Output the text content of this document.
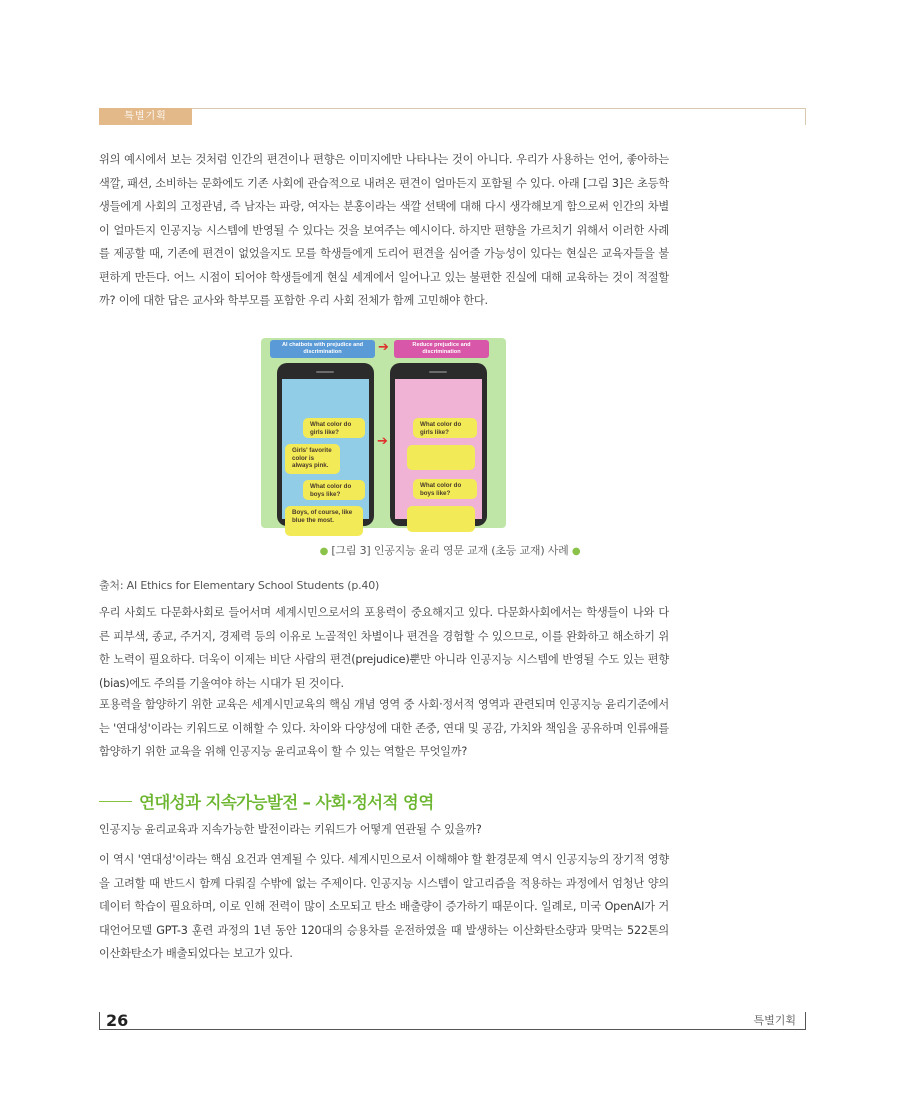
특별기획

위의 예시에서 보는 것처럼 인간의 편견이나 편향은 이미지에만 나타나는 것이 아니다. 우리가 사용하는 언어, 좋아하는 색깔, 패션, 소비하는 문화에도 기존 사회에 관습적으로 내려온 편견이 얼마든지 포함될 수 있다. 아래 [그림 3]은 초등학생들에게 사회의 고정관념, 즉 남자는 파랑, 여자는 분홍이라는 색깔 선택에 대해 다시 생각해보게 함으로써 인간의 차별이 얼마든지 인공지능 시스템에 반영될 수 있다는 것을 보여주는 예시이다. 하지만 편향을 가르치기 위해서 이러한 사례를 제공할 때, 기존에 편견이 없었을지도 모를 학생들에게 도리어 편견을 심어줄 가능성이 있다는 현실은 교육자들을 불편하게 만든다. 어느 시점이 되어야 학생들에게 현실 세계에서 일어나고 있는 불편한 진실에 대해 교육하는 것이 적절할까? 이에 대한 답은 교사와 학부모를 포함한 우리 사회 전체가 함께 고민해야 한다.

AI chatbots with prejudice and discrimination	➔	Reduce prejudice and discrimination
What color do girls like?
Girls' favorite color is always pink.
What color do boys like?
Boys, of course, like blue the most.
➔
What color do girls like?
What color do boys like?
● [그림 3] 인공지능 윤리 영문 교재 (초등 교재) 사례 ●
출처: AI Ethics for Elementary School Students (p.40)

우리 사회도 다문화사회로 들어서며 세계시민으로서의 포용력이 중요해지고 있다. 다문화사회에서는 학생들이 나와 다른 피부색, 종교, 주거지, 경제력 등의 이유로 노골적인 차별이나 편견을 경험할 수 있으므로, 이를 완화하고 해소하기 위한 노력이 필요하다. 더욱이 이제는 비단 사람의 편견(prejudice)뿐만 아니라 인공지능 시스템에 반영될 수도 있는 편향(bias)에도 주의를 기울여야 하는 시대가 된 것이다.

포용력을 함양하기 위한 교육은 세계시민교육의 핵심 개념 영역 중 사회·정서적 영역과 관련되며 인공지능 윤리기준에서는 '연대성'이라는 키워드로 이해할 수 있다. 차이와 다양성에 대한 존중, 연대 및 공감, 가치와 책임을 공유하며 인류애를 함양하기 위한 교육을 위해 인공지능 윤리교육이 할 수 있는 역할은 무엇일까?

연대성과 지속가능발전 – 사회·정서적 영역

인공지능 윤리교육과 지속가능한 발전이라는 키워드가 어떻게 연관될 수 있을까?

이 역시 '연대성'이라는 핵심 요건과 연계될 수 있다. 세계시민으로서 이해해야 할 환경문제 역시 인공지능의 장기적 영향을 고려할 때 반드시 함께 다뤄질 수밖에 없는 주제이다. 인공지능 시스템이 알고리즘을 적용하는 과정에서 엄청난 양의 데이터 학습이 필요하며, 이로 인해 전력이 많이 소모되고 탄소 배출량이 증가하기 때문이다. 일례로, 미국 OpenAI가 거대언어모델 GPT-3 훈련 과정의 1년 동안 120대의 승용차를 운전하였을 때 발생하는 이산화탄소량과 맞먹는 522톤의 이산화탄소가 배출되었다는 보고가 있다.

26	특별기획
